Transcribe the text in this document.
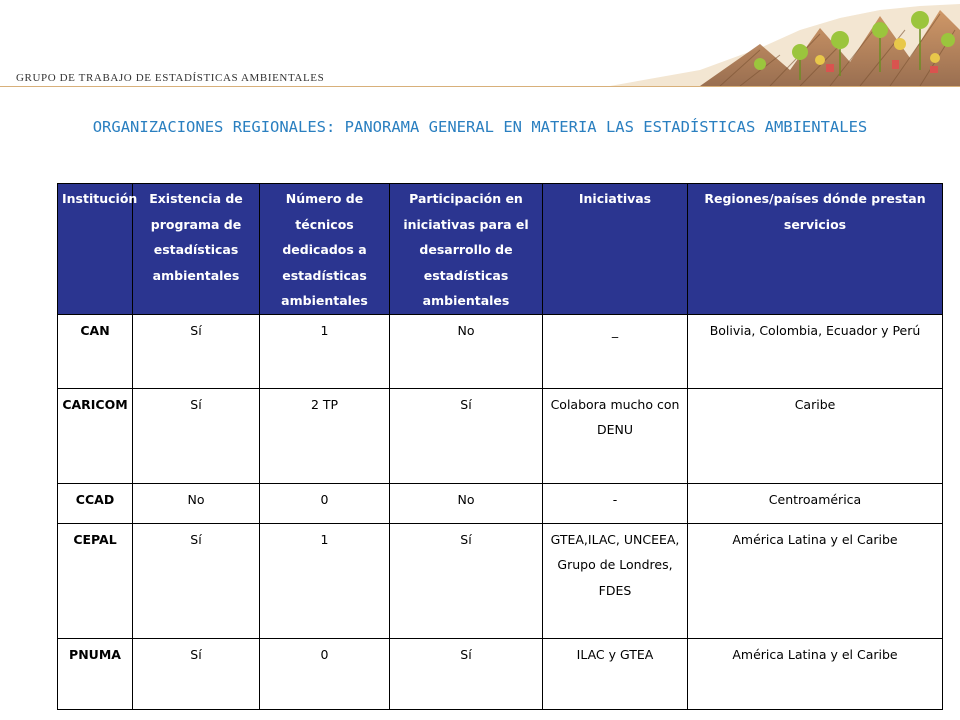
GRUPO DE TRABAJO DE ESTADÍSTICAS AMBIENTALES
ORGANIZACIONES REGIONALES: PANORAMA GENERAL EN MATERIA LAS ESTADÍSTICAS AMBIENTALES
Institución	Existencia de programa de estadísticas ambientales	Número de técnicos dedicados a estadísticas ambientales	Participación en iniciativas para el desarrollo de estadísticas ambientales	Iniciativas	Regiones/países dónde prestan servicios
CAN	Sí	1	No	_	Bolivia, Colombia, Ecuador y Perú
CARICOM	Sí	2 TP	Sí	Colabora mucho con DENU	Caribe
CCAD	No	0	No	-	Centroamérica
CEPAL	Sí	1	Sí	GTEA,ILAC, UNCEEA, Grupo de Londres, FDES	América Latina y el Caribe
PNUMA	Sí	0	Sí	ILAC y GTEA	América Latina y el Caribe
